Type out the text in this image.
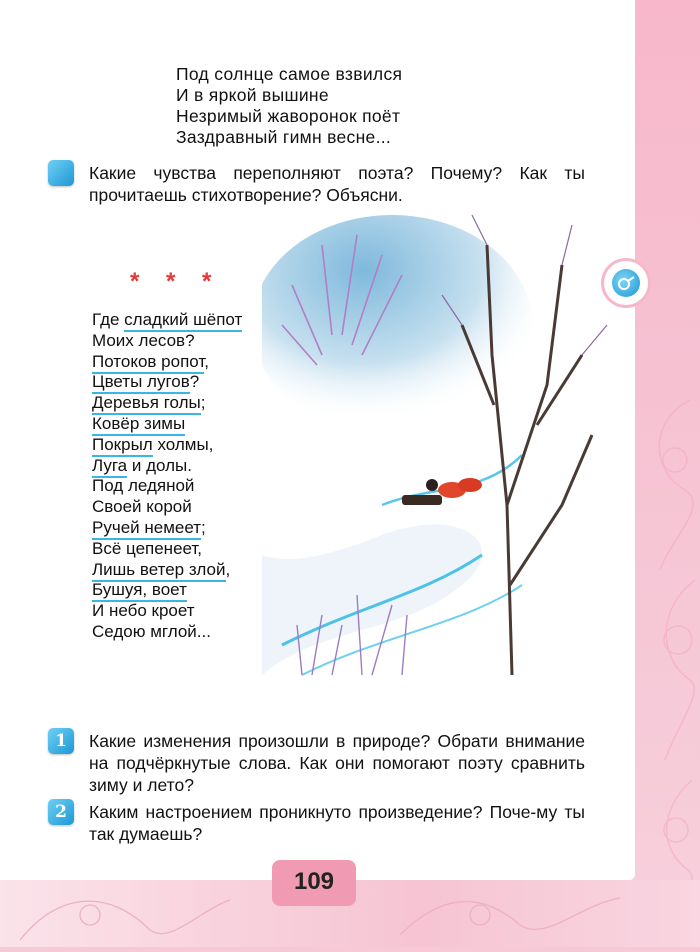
109
Под солнце самое взвился
И в яркой вышине
Незримый жаворонок поёт
Заздравный гимн весне...
Какие чувства переполняют поэта? Почему? Как ты прочитаешь стихотворение? Объясни.
* * *
Где сладкий шёпот
Моих лесов?
Потоков ропот,
Цветы лугов?
Деревья голы;
Ковёр зимы
Покрыл холмы,
Луга и долы.
Под ледяной
Своей корой
Ручей немеет;
Всё цепенеет,
Лишь ветер злой,
Бушуя, воет
И небо кроет
Седою мглой...
1	Какие изменения произошли в природе? Обрати внимание на подчёркнутые слова. Как они помогают поэту сравнить зиму и лето?
2	Каким настроением проникнуто произведение? Поче-му ты так думаешь?
